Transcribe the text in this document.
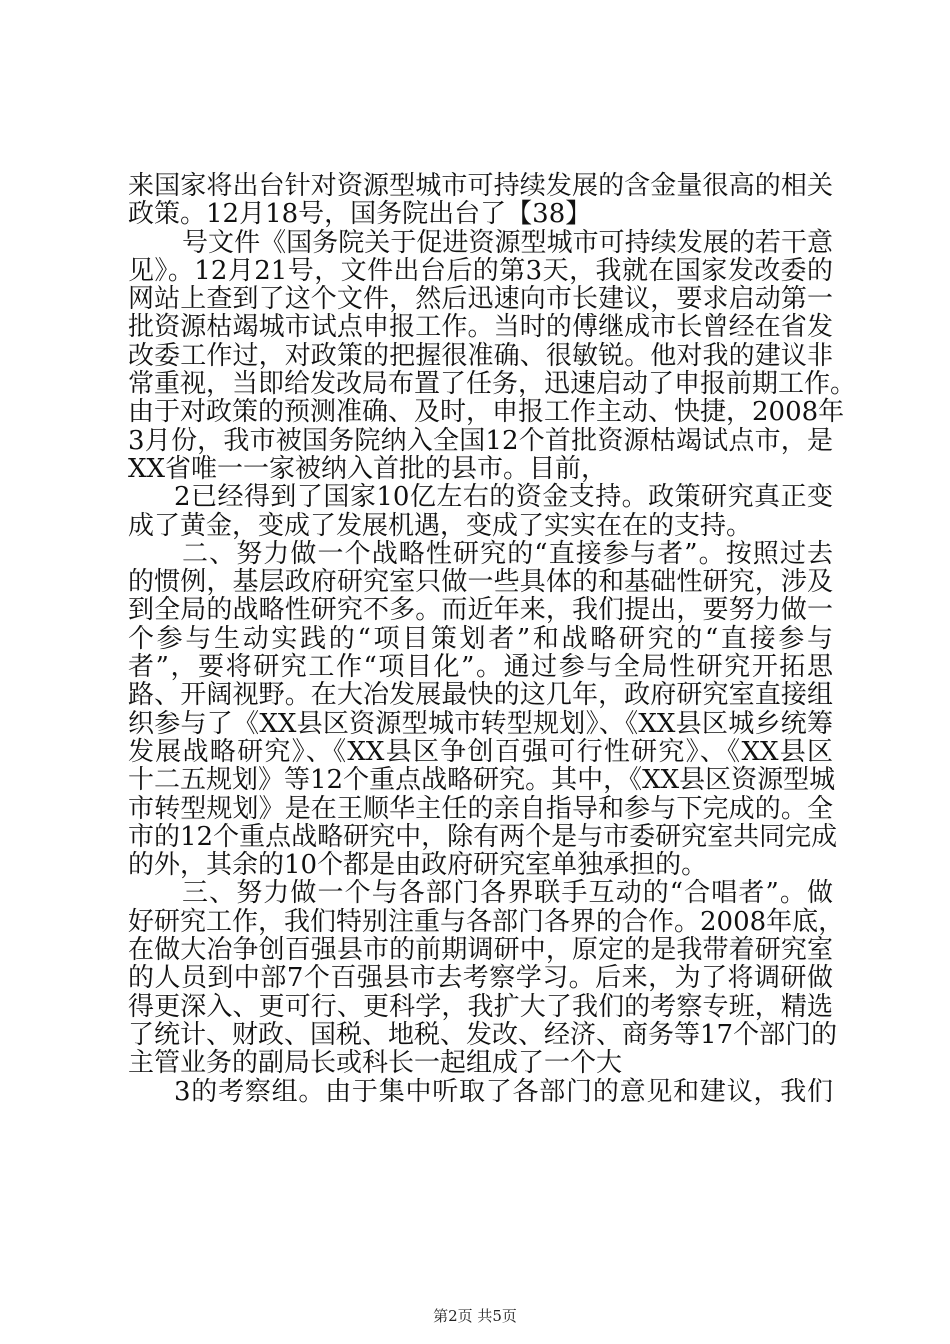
来国家将出台针对资源型城市可持续发展的含金量很高的相关
政策。12月18号，国务院出台了【38】
号文件《国务院关于促进资源型城市可持续发展的若干意
见》。12月21号，文件出台后的第3天，我就在国家发改委的
网站上查到了这个文件，然后迅速向市长建议，要求启动第一
批资源枯竭城市试点申报工作。当时的傅继成市长曾经在省发
改委工作过，对政策的把握很准确、很敏锐。他对我的建议非
常重视，当即给发改局布置了任务，迅速启动了申报前期工作。
由于对政策的预测准确、及时，申报工作主动、快捷，2008年
3月份，我市被国务院纳入全国12个首批资源枯竭试点市，是
XX省唯一一家被纳入首批的县市。目前，
2已经得到了国家10亿左右的资金支持。政策研究真正变
成了黄金，变成了发展机遇，变成了实实在在的支持。
二、努力做一个战略性研究的“直接参与者”。按照过去
的惯例，基层政府研究室只做一些具体的和基础性研究，涉及
到全局的战略性研究不多。而近年来，我们提出，要努力做一
个参与生动实践的“项目策划者”和战略研究的“直接参与
者”，要将研究工作“项目化”。通过参与全局性研究开拓思
路、开阔视野。在大冶发展最快的这几年，政府研究室直接组
织参与了《XX县区资源型城市转型规划》、《XX县区城乡统筹
发展战略研究》、《XX县区争创百强可行性研究》、《XX县区
十二五规划》等12个重点战略研究。其中，《XX县区资源型城
市转型规划》是在王顺华主任的亲自指导和参与下完成的。全
市的12个重点战略研究中，除有两个是与市委研究室共同完成
的外，其余的10个都是由政府研究室单独承担的。
三、努力做一个与各部门各界联手互动的“合唱者”。做
好研究工作，我们特别注重与各部门各界的合作。2008年底，
在做大冶争创百强县市的前期调研中，原定的是我带着研究室
的人员到中部7个百强县市去考察学习。后来，为了将调研做
得更深入、更可行、更科学，我扩大了我们的考察专班，精选
了统计、财政、国税、地税、发改、经济、商务等17个部门的
主管业务的副局长或科长一起组成了一个大
3的考察组。由于集中听取了各部门的意见和建议，我们
第2页 共5页
